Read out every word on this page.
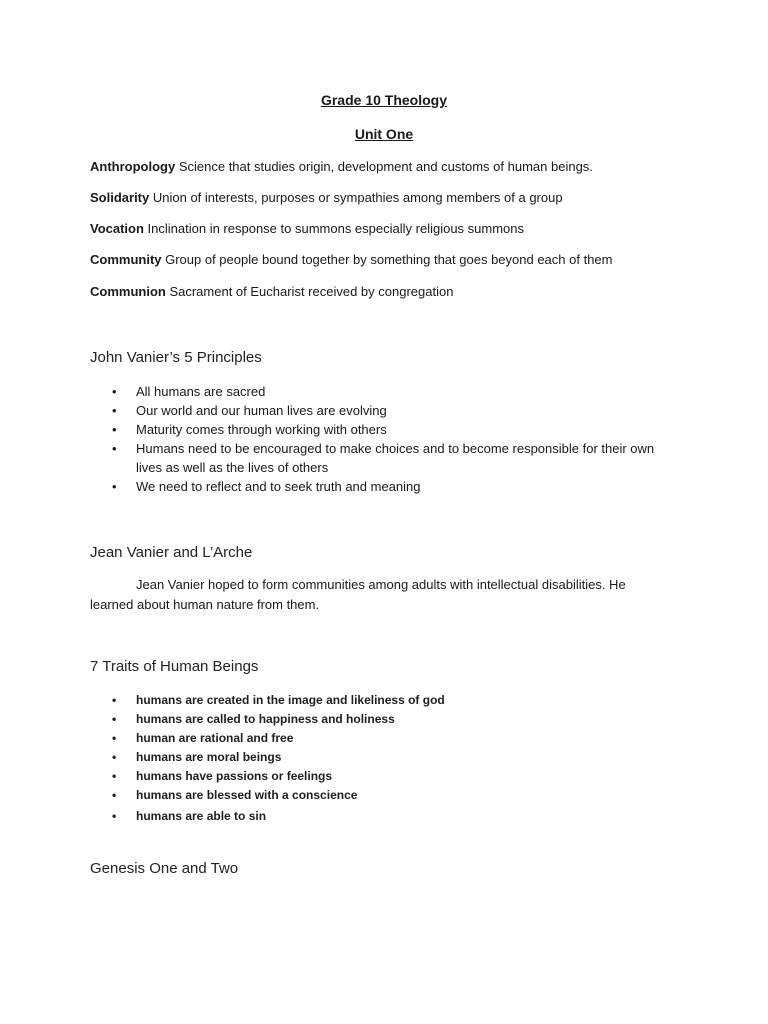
Grade 10 Theology
Unit One
Anthropology Science that studies origin, development and customs of human beings.
Solidarity Union of interests, purposes or sympathies among members of a group
Vocation Inclination in response to summons especially religious summons
Community Group of people bound together by something that goes beyond each of them
Communion Sacrament of Eucharist received by congregation
John Vanier’s 5 Principles
• All humans are sacred
• Our world and our human lives are evolving
• Maturity comes through working with others
• Humans need to be encouraged to make choices and to become responsible for their own lives as well as the lives of others
• We need to reflect and to seek truth and meaning
Jean Vanier and L’Arche
Jean Vanier hoped to form communities among adults with intellectual disabilities. He learned about human nature from them.
7 Traits of Human Beings
• humans are created in the image and likeliness of god
• humans are called to happiness and holiness
• human are rational and free
• humans are moral beings
• humans have passions or feelings
• humans are blessed with a conscience
• humans are able to sin
Genesis One and Two
